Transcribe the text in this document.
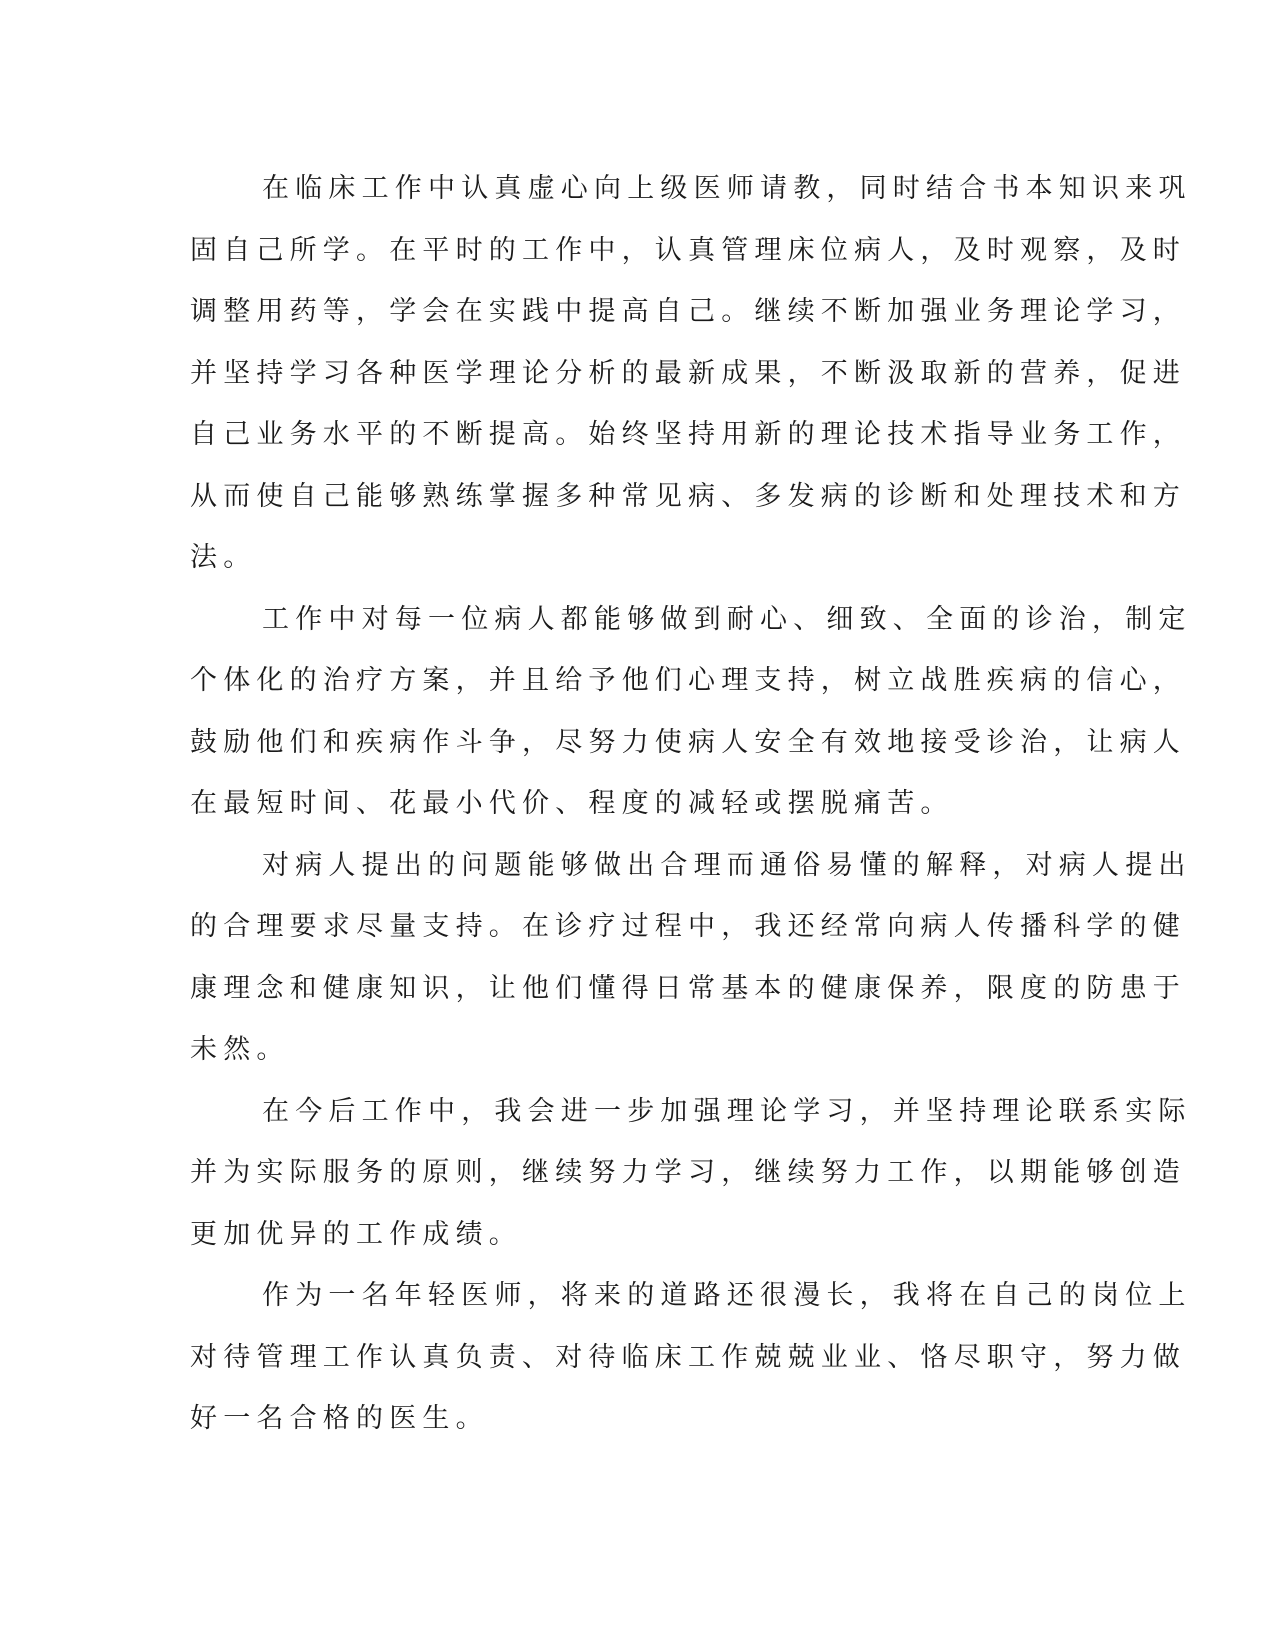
在临床工作中认真虚心向上级医师请教，同时结合书本知识来巩
固自己所学。在平时的工作中，认真管理床位病人，及时观察，及时
调整用药等，学会在实践中提高自己。继续不断加强业务理论学习，
并坚持学习各种医学理论分析的最新成果，不断汲取新的营养，促进
自己业务水平的不断提高。始终坚持用新的理论技术指导业务工作，
从而使自己能够熟练掌握多种常见病、多发病的诊断和处理技术和方
法。
工作中对每一位病人都能够做到耐心、细致、全面的诊治，制定
个体化的治疗方案，并且给予他们心理支持，树立战胜疾病的信心，
鼓励他们和疾病作斗争，尽努力使病人安全有效地接受诊治，让病人
在最短时间、花最小代价、程度的减轻或摆脱痛苦。
对病人提出的问题能够做出合理而通俗易懂的解释，对病人提出
的合理要求尽量支持。在诊疗过程中，我还经常向病人传播科学的健
康理念和健康知识，让他们懂得日常基本的健康保养，限度的防患于
未然。
在今后工作中，我会进一步加强理论学习，并坚持理论联系实际
并为实际服务的原则，继续努力学习，继续努力工作，以期能够创造
更加优异的工作成绩。
作为一名年轻医师，将来的道路还很漫长，我将在自己的岗位上
对待管理工作认真负责、对待临床工作兢兢业业、恪尽职守，努力做
好一名合格的医生。
